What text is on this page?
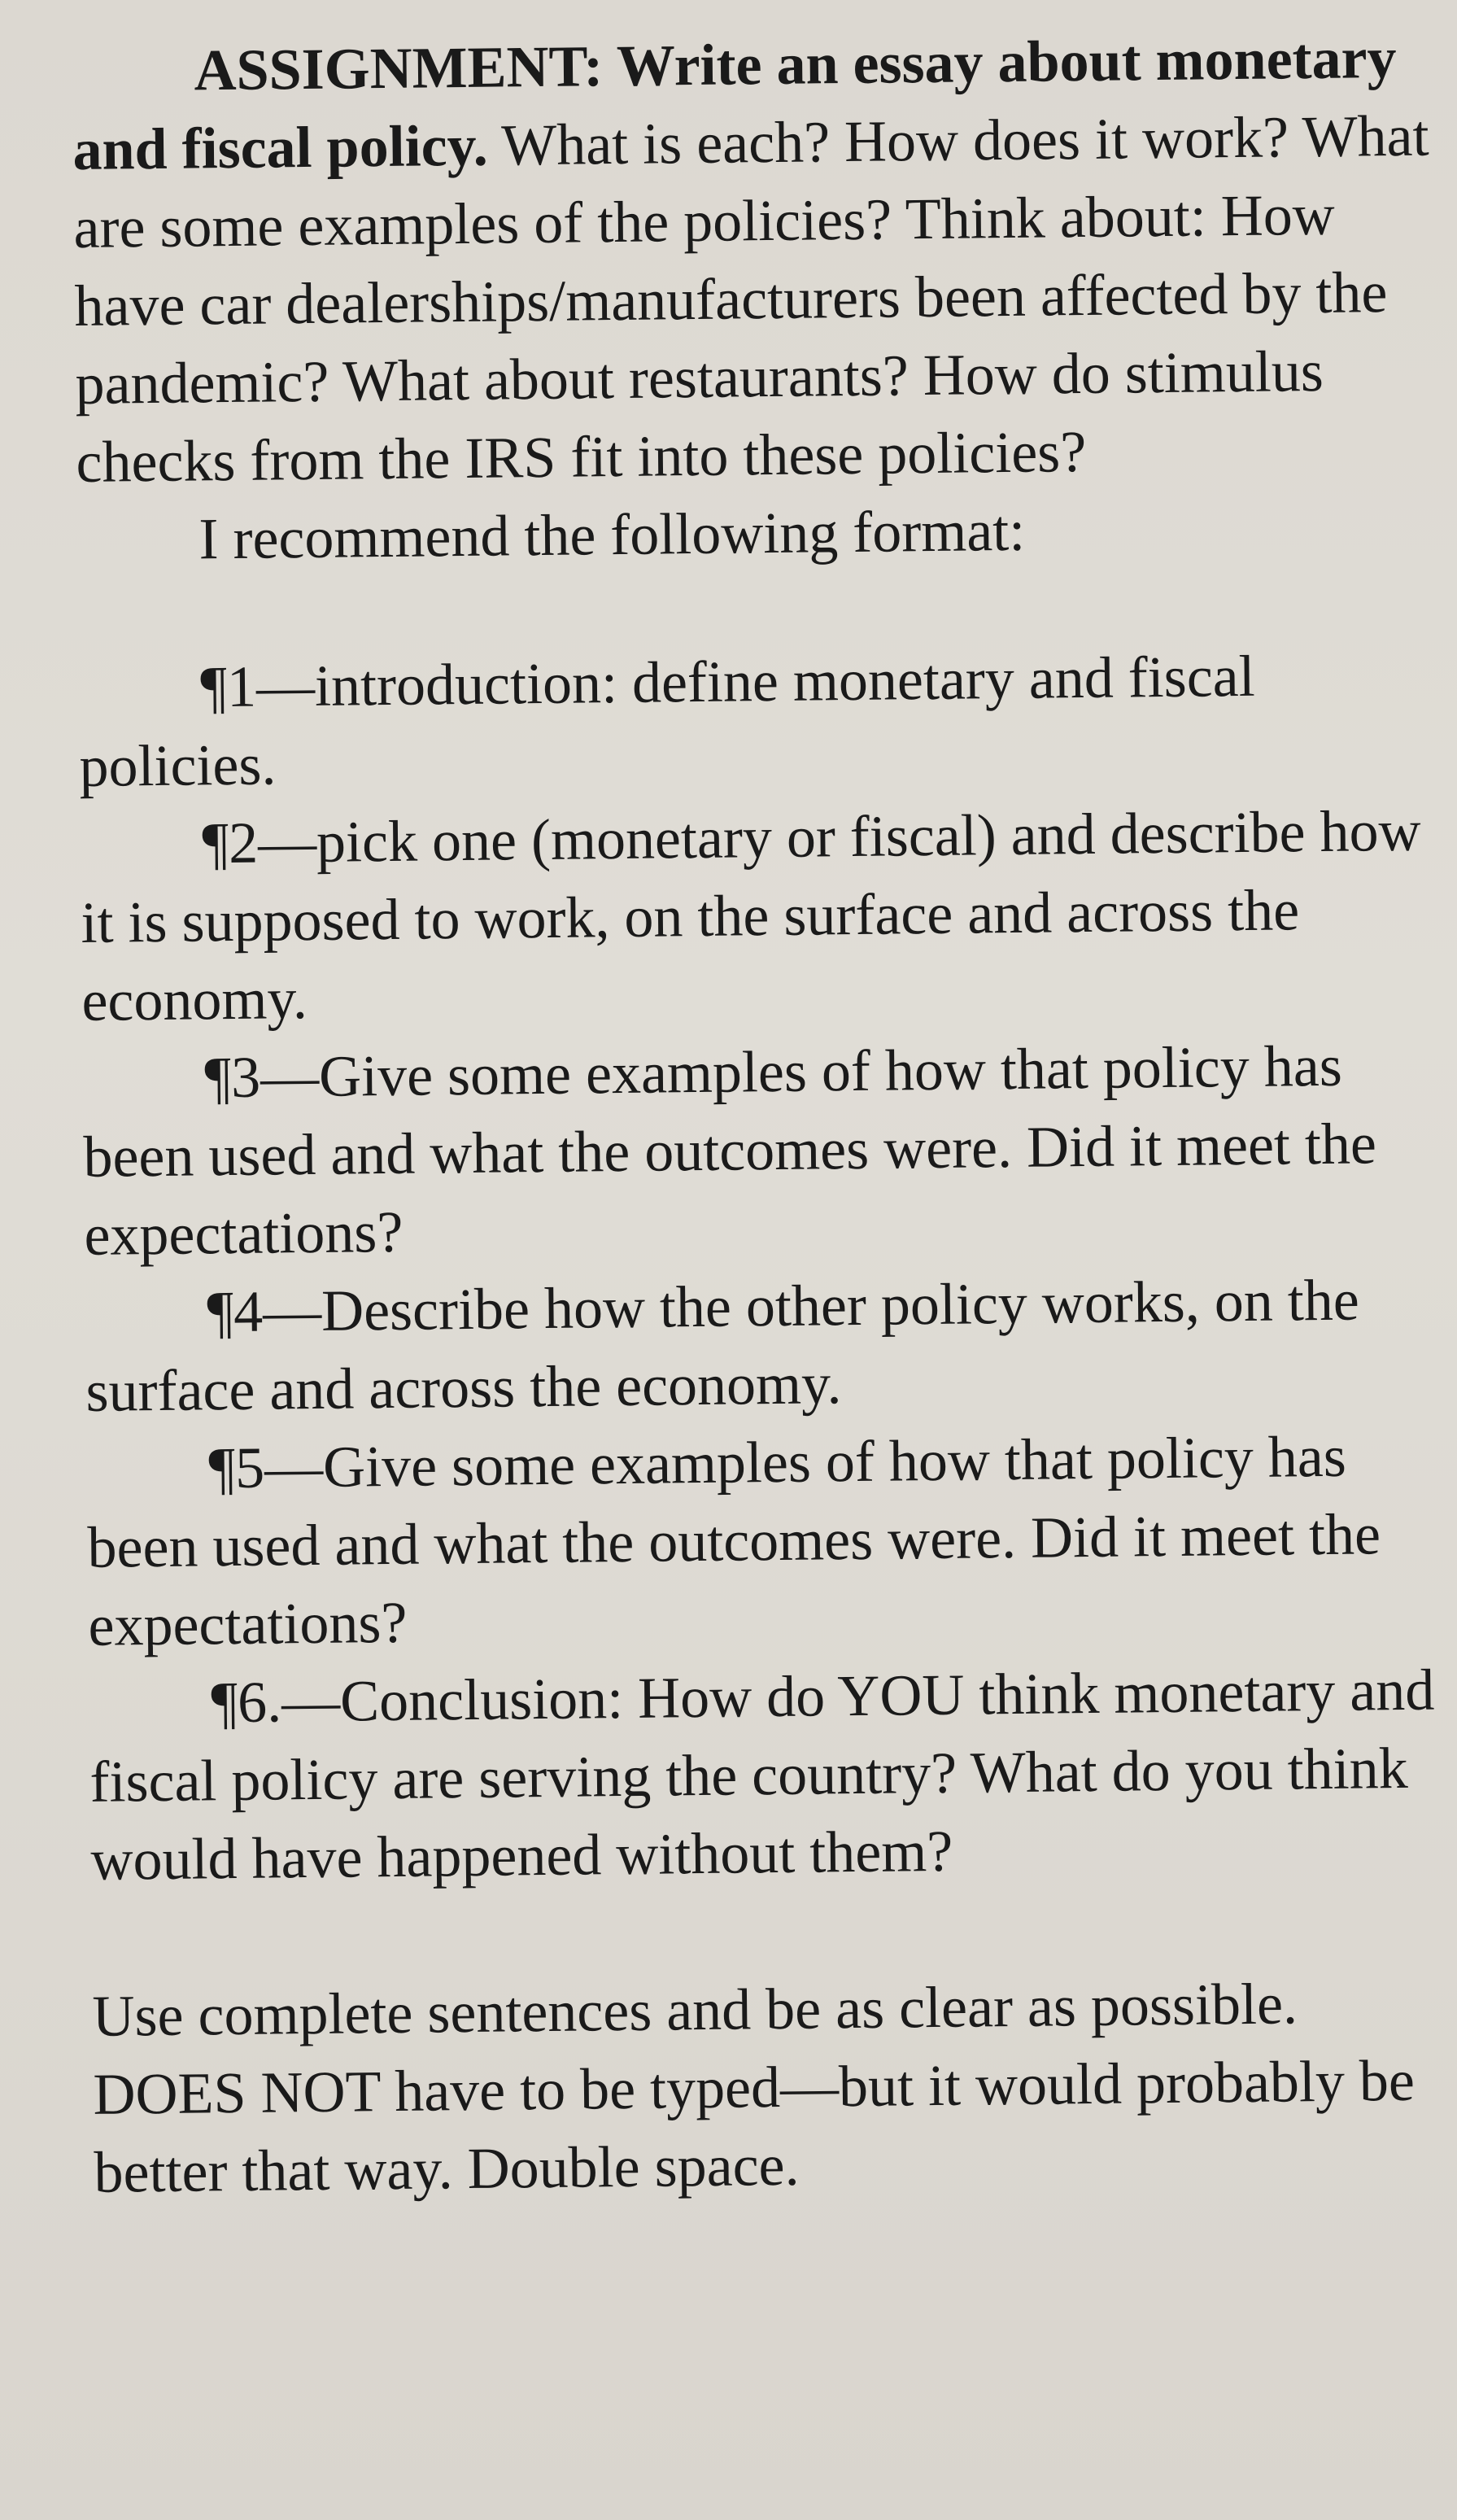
ASSIGNMENT: Write an essay about monetary and fiscal policy. What is each? How does it work? What are some examples of the policies? Think about: How have car dealerships/manufacturers been affected by the pandemic? What about restaurants? How do stimulus checks from the IRS fit into these policies?

I recommend the following format:

¶1—introduction: define monetary and fiscal policies.

¶2—pick one (monetary or fiscal) and describe how it is supposed to work, on the surface and across the economy.

¶3—Give some examples of how that policy has been used and what the outcomes were. Did it meet the expectations?

¶4—Describe how the other policy works, on the surface and across the economy.

¶5—Give some examples of how that policy has been used and what the outcomes were. Did it meet the expectations?

¶6.—Conclusion: How do YOU think monetary and fiscal policy are serving the country? What do you think would have happened without them?

Use complete sentences and be as clear as possible. DOES NOT have to be typed—but it would probably be better that way. Double space.
